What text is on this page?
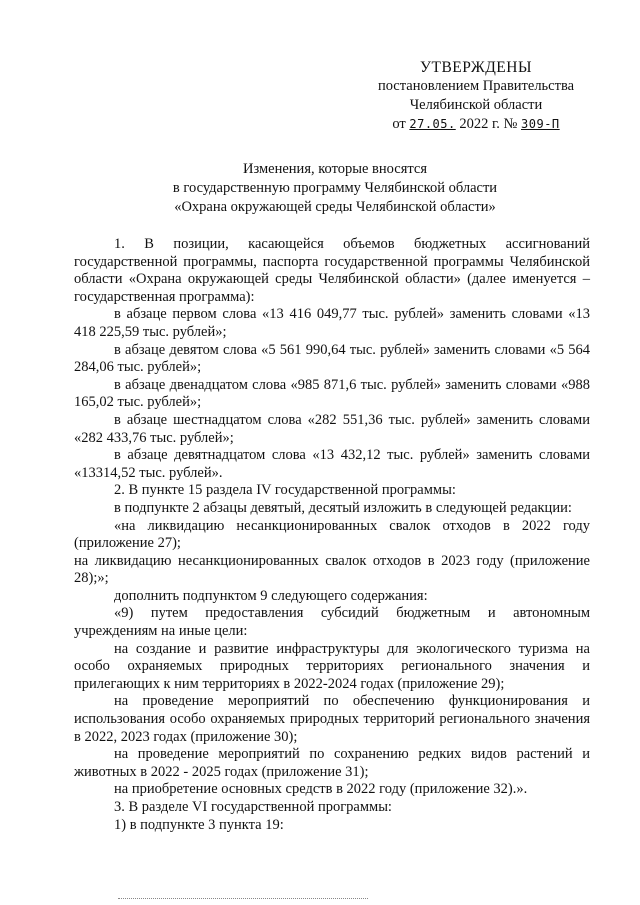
УТВЕРЖДЕНЫ
постановлением Правительства
Челябинской области
от 27.05. 2022 г. № 309-П
Изменения, которые вносятся
в государственную программу Челябинской области
«Охрана окружающей среды Челябинской области»

1. В позиции, касающейся объемов бюджетных ассигнований государственной программы, паспорта государственной программы Челябинской области «Охрана окружающей среды Челябинской области» (далее именуется – государственная программа):

в абзаце первом слова «13 416 049,77 тыс. рублей» заменить словами «13 418 225,59 тыс. рублей»;

в абзаце девятом слова «5 561 990,64 тыс. рублей» заменить словами «5 564 284,06 тыс. рублей»;

в абзаце двенадцатом слова «985 871,6 тыс. рублей» заменить словами «988 165,02 тыс. рублей»;

в абзаце шестнадцатом слова «282 551,36 тыс. рублей» заменить словами «282 433,76 тыс. рублей»;

в абзаце девятнадцатом слова «13 432,12 тыс. рублей» заменить словами «13314,52 тыс. рублей».

2. В пункте 15 раздела IV государственной программы:

в подпункте 2 абзацы девятый, десятый изложить в следующей редакции:

«на ликвидацию несанкционированных свалок отходов в 2022 году (приложение 27);

на ликвидацию несанкционированных свалок отходов в 2023 году (приложение 28);»;

дополнить подпунктом 9 следующего содержания:

«9) путем предоставления субсидий бюджетным и автономным учреждениям на иные цели:

на создание и развитие инфраструктуры для экологического туризма на особо охраняемых природных территориях регионального значения и прилегающих к ним территориях в 2022-2024 годах (приложение 29);

на проведение мероприятий по обеспечению функционирования и использования особо охраняемых природных территорий регионального значения в 2022, 2023 годах (приложение 30);

на проведение мероприятий по сохранению редких видов растений и животных в 2022 - 2025 годах (приложение 31);

на приобретение основных средств в 2022 году (приложение 32).».

3. В разделе VI государственной программы:

1) в подпункте 3 пункта 19:
